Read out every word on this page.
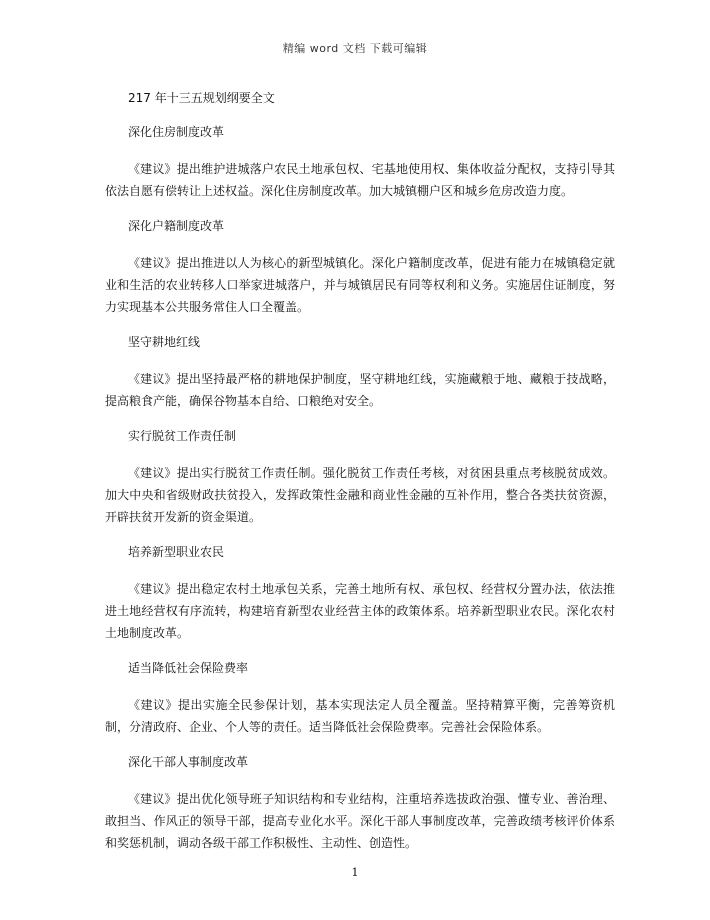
精编 word 文档 下载可编辑
217 年十三五规划纲要全文
深化住房制度改革

《建议》提出维护进城落户农民土地承包权、宅基地使用权、集体收益分配权，支持引导其依法自愿有偿转让上述权益。深化住房制度改革。加大城镇棚户区和城乡危房改造力度。

深化户籍制度改革

《建议》提出推进以人为核心的新型城镇化。深化户籍制度改革，促进有能力在城镇稳定就业和生活的农业转移人口举家进城落户，并与城镇居民有同等权利和义务。实施居住证制度，努力实现基本公共服务常住人口全覆盖。

坚守耕地红线

《建议》提出坚持最严格的耕地保护制度，坚守耕地红线，实施藏粮于地、藏粮于技战略，提高粮食产能，确保谷物基本自给、口粮绝对安全。

实行脱贫工作责任制

《建议》提出实行脱贫工作责任制。强化脱贫工作责任考核，对贫困县重点考核脱贫成效。加大中央和省级财政扶贫投入，发挥政策性金融和商业性金融的互补作用，整合各类扶贫资源，开辟扶贫开发新的资金渠道。

培养新型职业农民

《建议》提出稳定农村土地承包关系，完善土地所有权、承包权、经营权分置办法，依法推进土地经营权有序流转，构建培育新型农业经营主体的政策体系。培养新型职业农民。深化农村土地制度改革。

适当降低社会保险费率

《建议》提出实施全民参保计划，基本实现法定人员全覆盖。坚持精算平衡，完善筹资机制，分清政府、企业、个人等的责任。适当降低社会保险费率。完善社会保险体系。

深化干部人事制度改革

《建议》提出优化领导班子知识结构和专业结构，注重培养选拔政治强、懂专业、善治理、敢担当、作风正的领导干部，提高专业化水平。深化干部人事制度改革，完善政绩考核评价体系和奖惩机制，调动各级干部工作积极性、主动性、创造性。

1
